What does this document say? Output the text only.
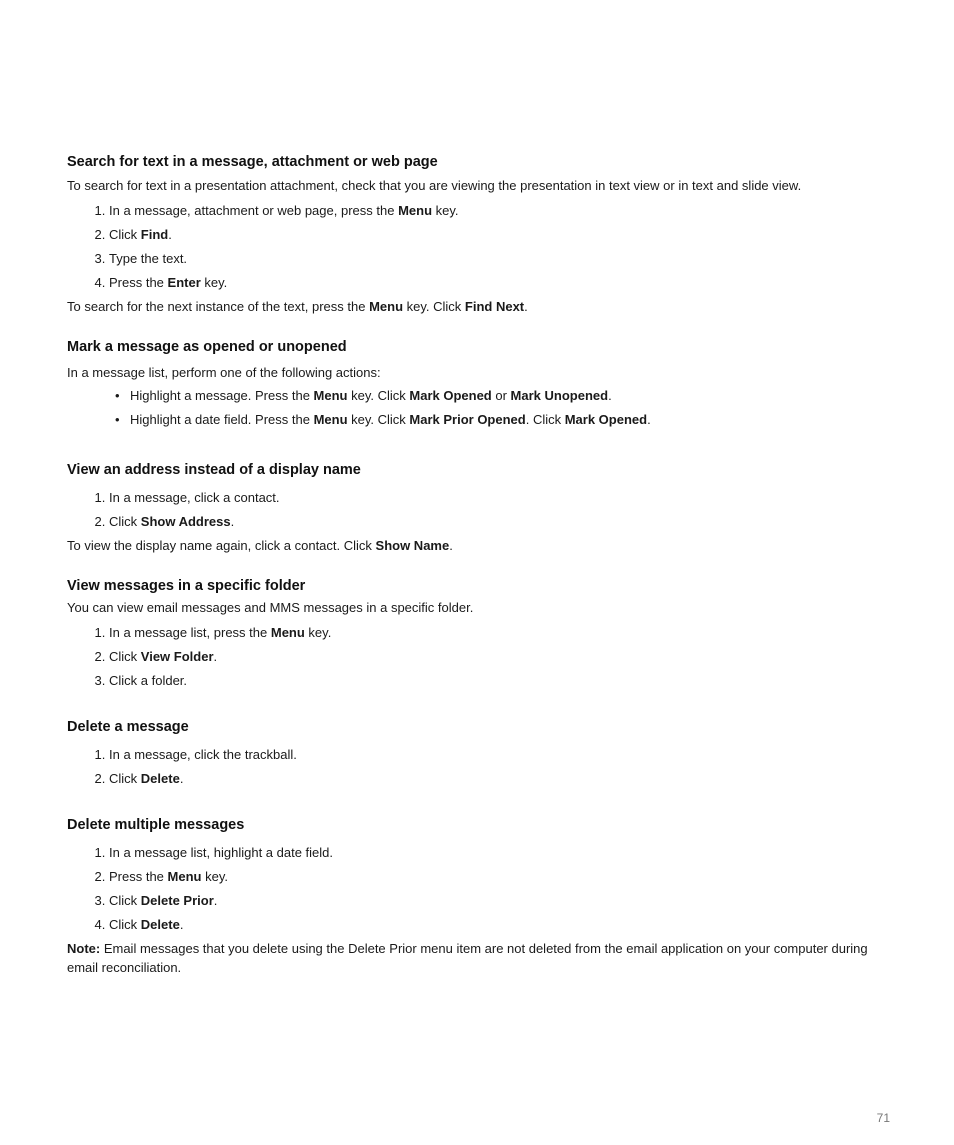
Search for text in a message, attachment or web page

To search for text in a presentation attachment, check that you are viewing the presentation in text view or in text and slide view.

1. In a message, attachment or web page, press the Menu key.
2. Click Find.
3. Type the text.
4. Press the Enter key.

To search for the next instance of the text, press the Menu key. Click Find Next.

Mark a message as opened or unopened

In a message list, perform one of the following actions:

• Highlight a message. Press the Menu key. Click Mark Opened or Mark Unopened.
• Highlight a date field. Press the Menu key. Click Mark Prior Opened. Click Mark Opened.
View an address instead of a display name
1. In a message, click a contact.
2. Click Show Address.

To view the display name again, click a contact. Click Show Name.

View messages in a specific folder

You can view email messages and MMS messages in a specific folder.

1. In a message list, press the Menu key.
2. Click View Folder.
3. Click a folder.
Delete a message
1. In a message, click the trackball.
2. Click Delete.
Delete multiple messages
1. In a message list, highlight a date field.
2. Press the Menu key.
3. Click Delete Prior.
4. Click Delete.

Note: Email messages that you delete using the Delete Prior menu item are not deleted from the email application on your computer during email reconciliation.

71
